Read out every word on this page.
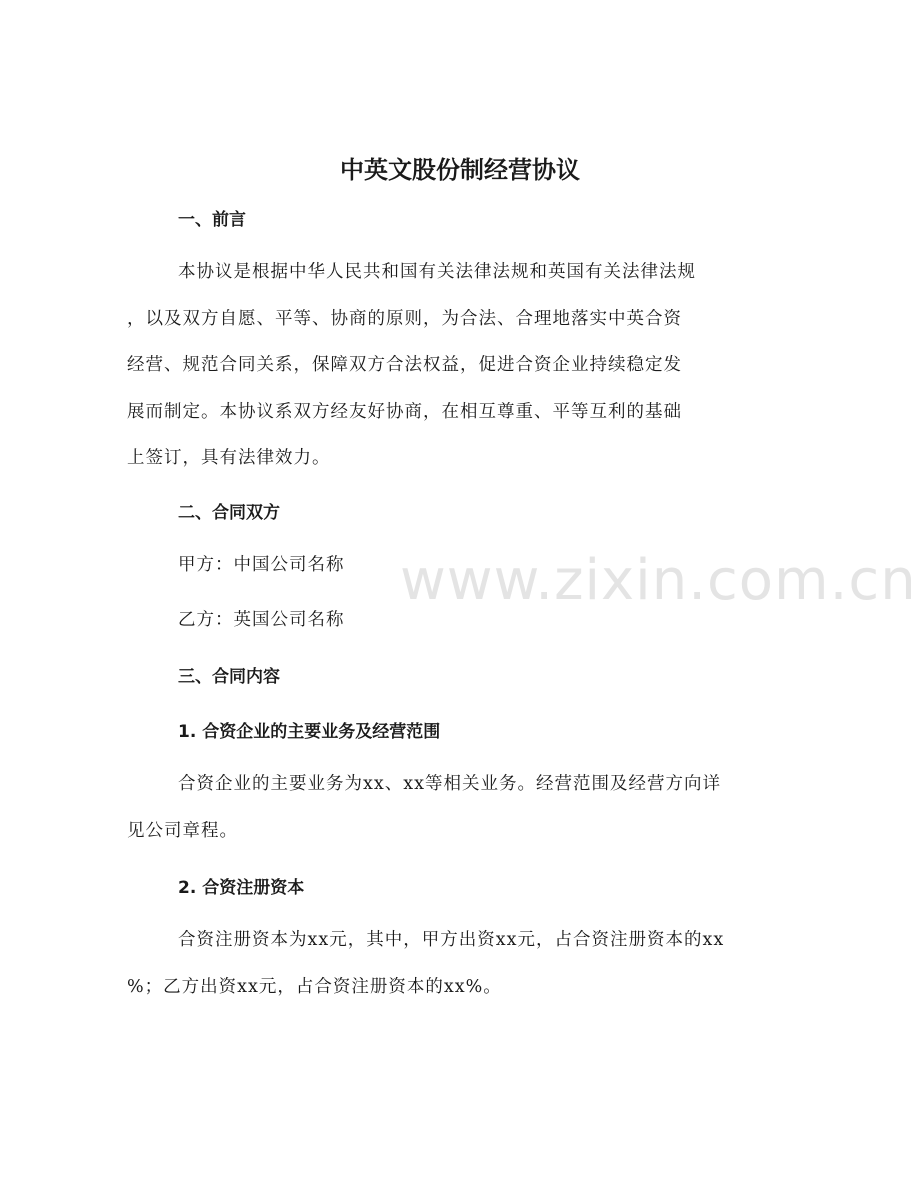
www.zixin.com.cn
中英文股份制经营协议
一、前言
本协议是根据中华人民共和国有关法律法规和英国有关法律法规
，以及双方自愿、平等、协商的原则，为合法、合理地落实中英合资
经营、规范合同关系，保障双方合法权益，促进合资企业持续稳定发
展而制定。本协议系双方经友好协商，在相互尊重、平等互利的基础
上签订，具有法律效力。
二、合同双方
甲方：中国公司名称
乙方：英国公司名称
三、合同内容
1. 合资企业的主要业务及经营范围
合资企业的主要业务为xx、xx等相关业务。经营范围及经营方向详
见公司章程。
2. 合资注册资本
合资注册资本为xx元，其中，甲方出资xx元，占合资注册资本的xx
%；乙方出资xx元，占合资注册资本的xx%。
